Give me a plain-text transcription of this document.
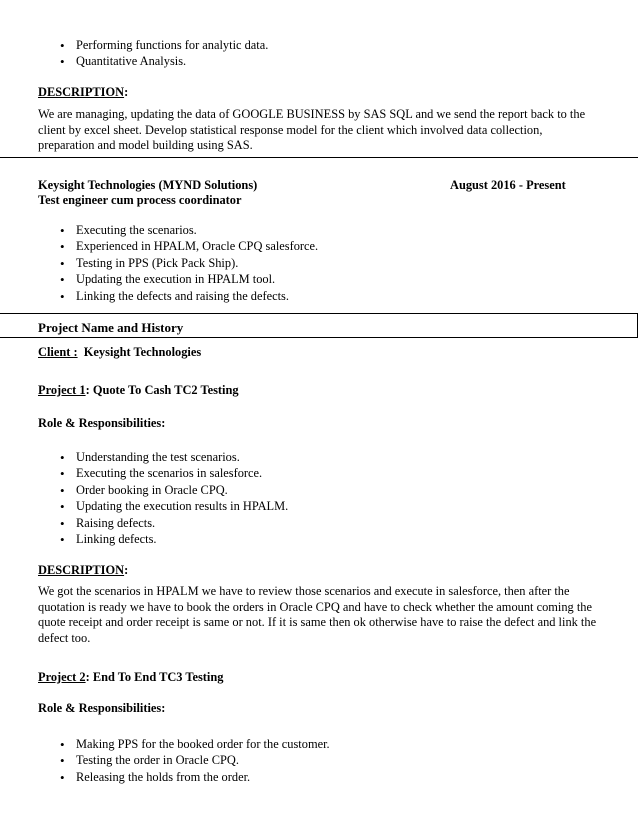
• Performing functions for analytic data.
• Quantitative Analysis.
DESCRIPTION:
We are managing, updating the data of GOOGLE BUSINESS by SAS SQL and we send the report back to the client by excel sheet. Develop statistical response model for the client which involved data collection, preparation and model building using SAS.
Keysight Technologies (MYND Solutions)	August 2016 - Present
Test engineer cum process coordinator
• Executing the scenarios.
• Experienced in HPALM, Oracle CPQ salesforce.
• Testing in PPS (Pick Pack Ship).
• Updating the execution in HPALM tool.
• Linking the defects and raising the defects.
Project Name and History
Client :  Keysight Technologies
Project 1: Quote To Cash TC2 Testing
Role & Responsibilities:
• Understanding the test scenarios.
• Executing the scenarios in salesforce.
• Order booking in Oracle CPQ.
• Updating the execution results in HPALM.
• Raising defects.
• Linking defects.
DESCRIPTION:
We got the scenarios in HPALM we have to review those scenarios and execute in salesforce, then after the quotation is ready we have to book the orders in Oracle CPQ and have to check whether the amount coming the quote receipt and order receipt is same or not. If it is same then ok otherwise have to raise the defect and link the defect too.
Project 2: End To End TC3 Testing
Role & Responsibilities:
• Making PPS for the booked order for the customer.
• Testing the order in Oracle CPQ.
• Releasing the holds from the order.
